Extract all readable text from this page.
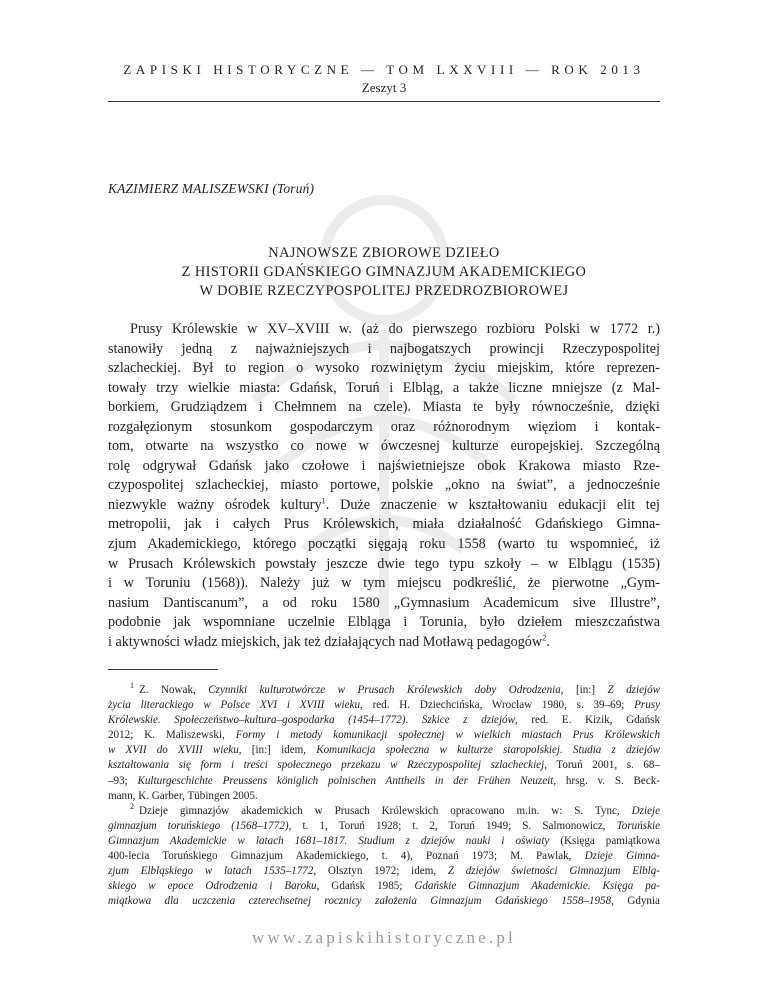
ZAPISKI HISTORYCZNE — TOM LXXVIII — ROK 2013
Zeszyt 3
KAZIMIERZ MALISZEWSKI (Toruń)
NAJNOWSZE ZBIOROWE DZIEŁO
Z HISTORII GDAŃSKIEGO GIMNAZJUM AKADEMICKIEGO
W DOBIE RZECZYPOSPOLITEJ PRZEDROZBIOROWEJ
Prusy Królewskie w XV–XVIII w. (aż do pierwszego rozbioru Polski w 1772 r.)
stanowiły jedną z najważniejszych i najbogatszych prowincji Rzeczypospolitej
szlacheckiej. Był to region o wysoko rozwiniętym życiu miejskim, które reprezen-
towały trzy wielkie miasta: Gdańsk, Toruń i Elbląg, a także liczne mniejsze (z Mal-
borkiem, Grudziądzem i Chełmnem na czele). Miasta te były równocześnie, dzięki
rozgałęzionym stosunkom gospodarczym oraz różnorodnym więziom i kontak-
tom, otwarte na wszystko co nowe w ówczesnej kulturze europejskiej. Szczególną
rolę odgrywał Gdańsk jako czołowe i najświetniejsze obok Krakowa miasto Rze-
czypospolitej szlacheckiej, miasto portowe, polskie „okno na świat”, a jednocześnie
niezwykle ważny ośrodek kultury$^1$. Duże znaczenie w kształtowaniu edukacji elit tej
metropolii, jak i całych Prus Królewskich, miała działalność Gdańskiego Gimna-
zjum Akademickiego, którego początki sięgają roku 1558 (warto tu wspomnieć, iż
w Prusach Królewskich powstały jeszcze dwie tego typu szkoły – w Elblągu (1535)
i w Toruniu (1568)). Należy już w tym miejscu podkreślić, że pierwotne „Gym-
nasium Dantiscanum”, a od roku 1580 „Gymnasium Academicum sive Illustre”,
podobnie jak wspomniane uczelnie Elbląga i Torunia, było dziełem mieszczaństwa
i aktywności władz miejskich, jak też działających nad Motławą pedagogów$^2$.
$^1$ Z. Nowak, Czynniki kulturotwórcze w Prusach Królewskich doby Odrodzenia, [in:] Z dziejów
życia literackiego w Polsce XVI i XVIII wieku, red. H. Dziechcińska, Wrocław 1980, s. 39–69; Prusy
Królewskie. Społeczeństwo–kultura–gospodarka (1454–1772). Szkice z dziejów, red. E. Kizik, Gdańsk
2012; K. Maliszewski, Formy i metody komunikacji społecznej w wielkich miastach Prus Królewskich
w XVII do XVIII wieku, [in:] idem, Komunikacja społeczna w kulturze staropolskiej. Studia z dziejów
kształtowania się form i treści społecznego przekazu w Rzeczypospolitej szlacheckiej, Toruń 2001, s. 68–
–93; Kulturgeschichte Preussens königlich polnischen Anttheils in der Frühen Neuzeit, hrsg. v. S. Beck-
mann, K. Garber, Tübingen 2005.
$^2$ Dzieje gimnazjów akademickich w Prusach Królewskich opracowano m.in. w: S. Tync, Dzieje
gimnazjum toruńskiego (1568–1772), t. 1, Toruń 1928; t. 2, Toruń 1949; S. Salmonowicz, Toruńskie
Gimnazjum Akademickie w latach 1681–1817. Studium z dziejów nauki i oświaty (Księga pamiątkowa
400-lecia Toruńskiego Gimnazjum Akademickiego, t. 4), Poznań 1973; M. Pawlak, Dzieje Gimna-
zjum Elbląskiego w latach 1535–1772, Olsztyn 1972; idem, Z dziejów świetności Gimnazjum Elblą-
skiego w epoce Odrodzenia i Baroku, Gdańsk 1985; Gdańskie Gimnazjum Akademickie. Księga pa-
miątkowa dla uczczenia czterechsetnej rocznicy założenia Gimnazjum Gdańskiego 1558–1958, Gdynia
www.zapiskihistoryczne.pl
